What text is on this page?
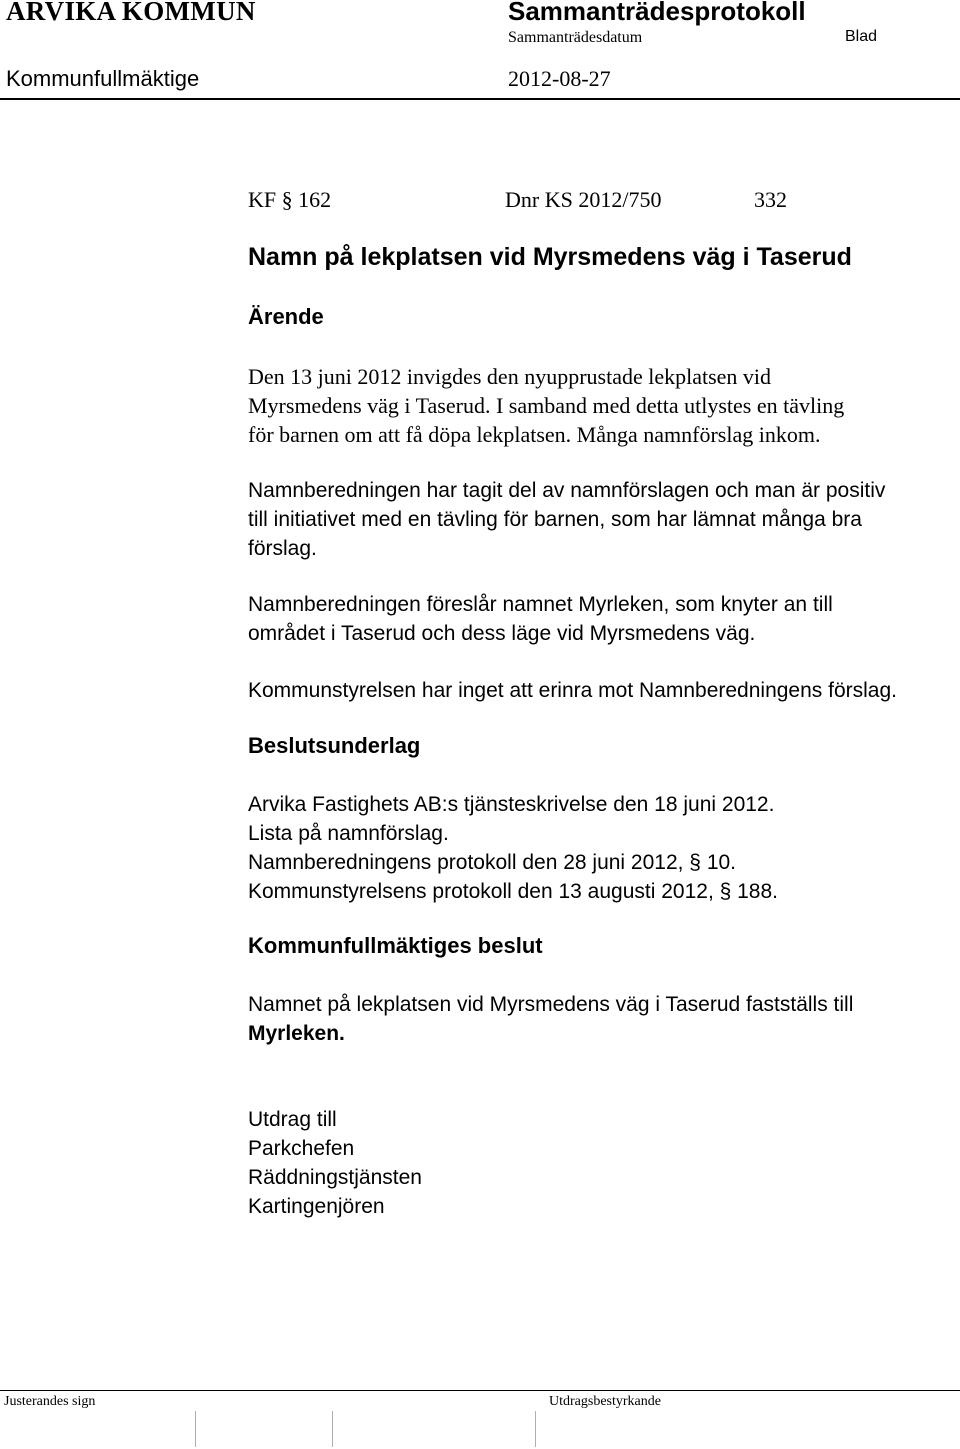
ARVIKA KOMMUN	Sammanträdesprotokoll
Sammanträdesdatum	Blad
Kommunfullmäktige	2012-08-27
KF § 162	Dnr KS 2012/750	332
Namn på lekplatsen vid Myrsmedens väg i Taserud
Ärende
Den 13 juni 2012 invigdes den nyupprustade lekplatsen vid
Myrsmedens väg i Taserud. I samband med detta utlystes en tävling
för barnen om att få döpa lekplatsen. Många namnförslag inkom.
Namnberedningen har tagit del av namnförslagen och man är positiv
till initiativet med en tävling för barnen, som har lämnat många bra
förslag.
Namnberedningen föreslår namnet Myrleken, som knyter an till
området i Taserud och dess läge vid Myrsmedens väg.
Kommunstyrelsen har inget att erinra mot Namnberedningens förslag.
Beslutsunderlag
Arvika Fastighets AB:s tjänsteskrivelse den 18 juni 2012.
Lista på namnförslag.
Namnberedningens protokoll den 28 juni 2012, § 10.
Kommunstyrelsens protokoll den 13 augusti 2012, § 188.
Kommunfullmäktiges beslut
Namnet på lekplatsen vid Myrsmedens väg i Taserud fastställs till
Myrleken.
Utdrag till
Parkchefen
Räddningstjänsten
Kartingenjören
Justerandes sign	Utdragsbestyrkande
